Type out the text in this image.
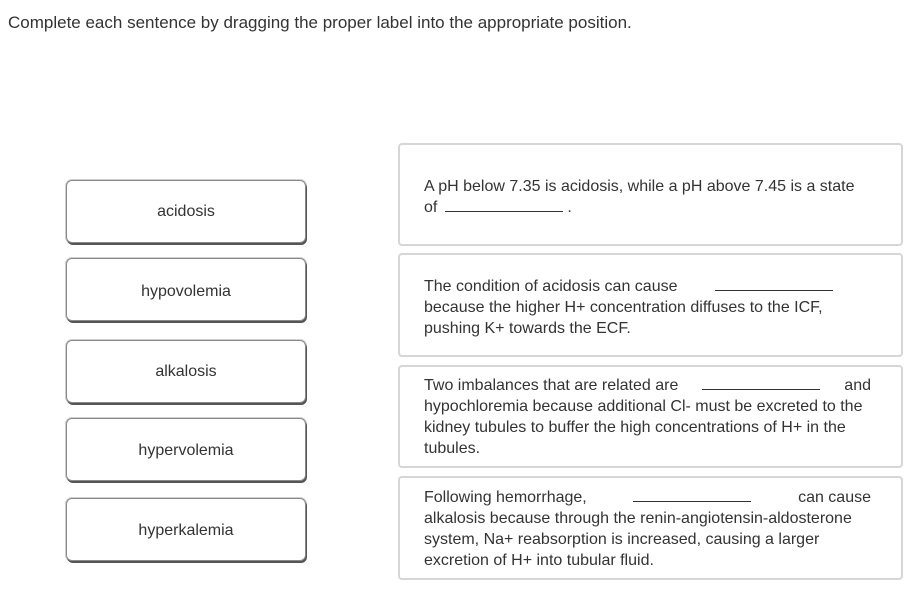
Complete each sentence by dragging the proper label into the appropriate position.
acidosis
hypovolemia
alkalosis
hypervolemia
hyperkalemia
A pH below 7.35 is acidosis, while a pH above 7.45 is a state of	.
The condition of acidosis can cause
because the higher H+ concentration diffuses to the ICF, pushing K+ towards the ECF.
Two imbalances that are related are	and
hypochloremia because additional Cl- must be excreted to the kidney tubules to buffer the high concentrations of H+ in the tubules.
Following hemorrhage,	can cause
alkalosis because through the renin-angiotensin-aldosterone system, Na+ reabsorption is increased, causing a larger excretion of H+ into tubular fluid.
